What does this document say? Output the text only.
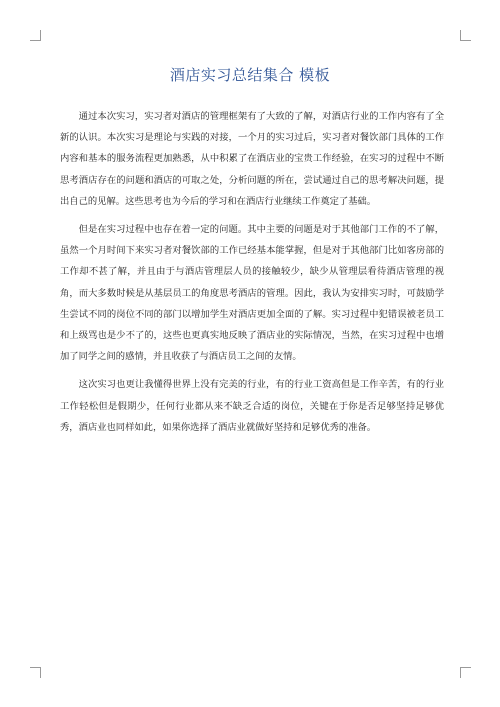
酒店实习总结集合 模板

通过本次实习，实习者对酒店的管理框架有了大致的了解，对酒店行业的工作内容有了全新的认识。本次实习是理论与实践的对接，一个月的实习过后，实习者对餐饮部门具体的工作内容和基本的服务流程更加熟悉，从中积累了在酒店业的宝贵工作经验，在实习的过程中不断思考酒店存在的问题和酒店的可取之处，分析问题的所在，尝试通过自己的思考解决问题，提出自己的见解。这些思考也为今后的学习和在酒店行业继续工作奠定了基础。

但是在实习过程中也存在着一定的问题。其中主要的问题是对于其他部门工作的不了解，虽然一个月时间下来实习者对餐饮部的工作已经基本能掌握，但是对于其他部门比如客房部的工作却不甚了解，并且由于与酒店管理层人员的接触较少，缺少从管理层看待酒店管理的视角，而大多数时候是从基层员工的角度思考酒店的管理。因此，我认为安排实习时，可鼓励学生尝试不同的岗位不同的部门以增加学生对酒店更加全面的了解。实习过程中犯错误被老员工和上级骂也是少不了的，这些也更真实地反映了酒店业的实际情况，当然，在实习过程中也增加了同学之间的感情，并且收获了与酒店员工之间的友情。

这次实习也更让我懂得世界上没有完美的行业，有的行业工资高但是工作辛苦，有的行业工作轻松但是假期少，任何行业都从来不缺乏合适的岗位，关键在于你是否足够坚持足够优秀，酒店业也同样如此，如果你选择了酒店业就做好坚持和足够优秀的准备。
